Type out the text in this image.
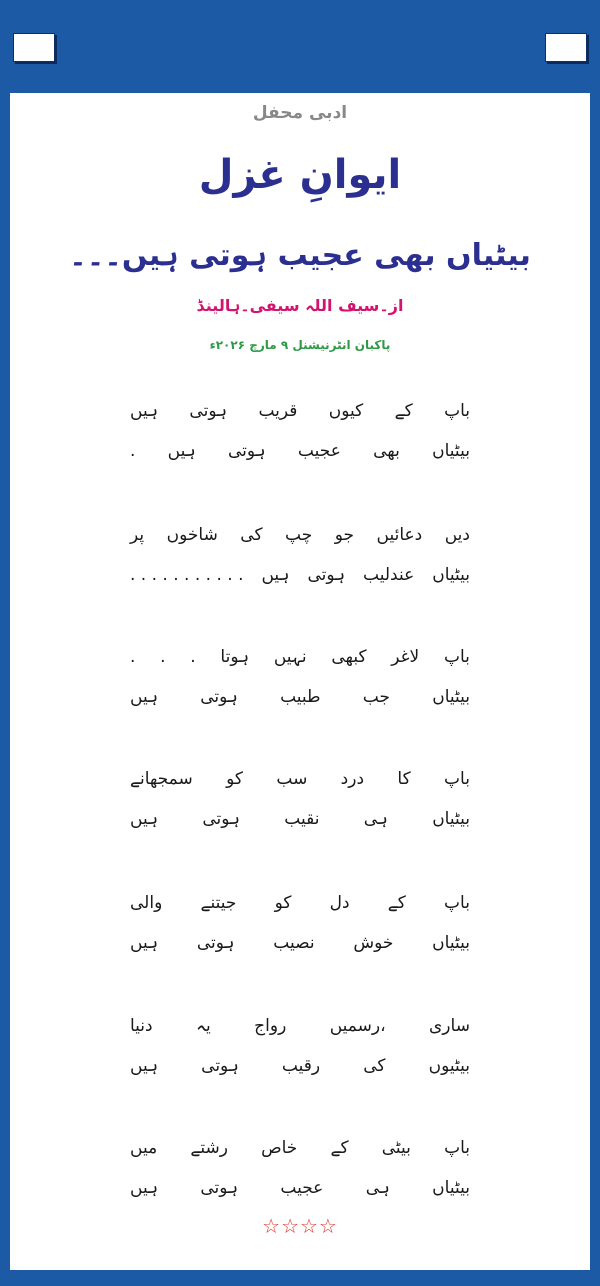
ادبی محفل
ایوانِ غزل
بیٹیاں بھی عجیب ہوتی ہیں۔۔۔
از۔سیف اللہ سیفی۔ہالینڈ
پاکبان انٹرنیشنل ۹ مارچ ۲۰۲۶ء
باپ
کے
کیوں
قریب
ہوتی
ہیں
بیٹیاں
بھی
عجیب
ہوتی
ہیں
.
دیں
دعائیں
جو
چپ
کی
شاخوں
پر
بیٹیاں
عندلیب
ہوتی
ہیں
. . . . . . . . . . .
باپ
لاغر
کبھی
نہیں
ہوتا
.
.
.
بیٹیاں
جب
طبیب
ہوتی
ہیں
باپ
کا
درد
سب
کو
سمجھانے
بیٹیاں
ہی
نقیب
ہوتی
ہیں
باپ
کے
دل
کو
جیتنے
والی
بیٹیاں
خوش
نصیب
ہوتی
ہیں
ساری
رسمیں،
رواج
یہ
دنیا
بیٹیوں
کی
رقیب
ہوتی
ہیں
باپ
بیٹی
کے
خاص
رشتے
میں
بیٹیاں
ہی
عجیب
ہوتی
ہیں
☆☆☆☆
